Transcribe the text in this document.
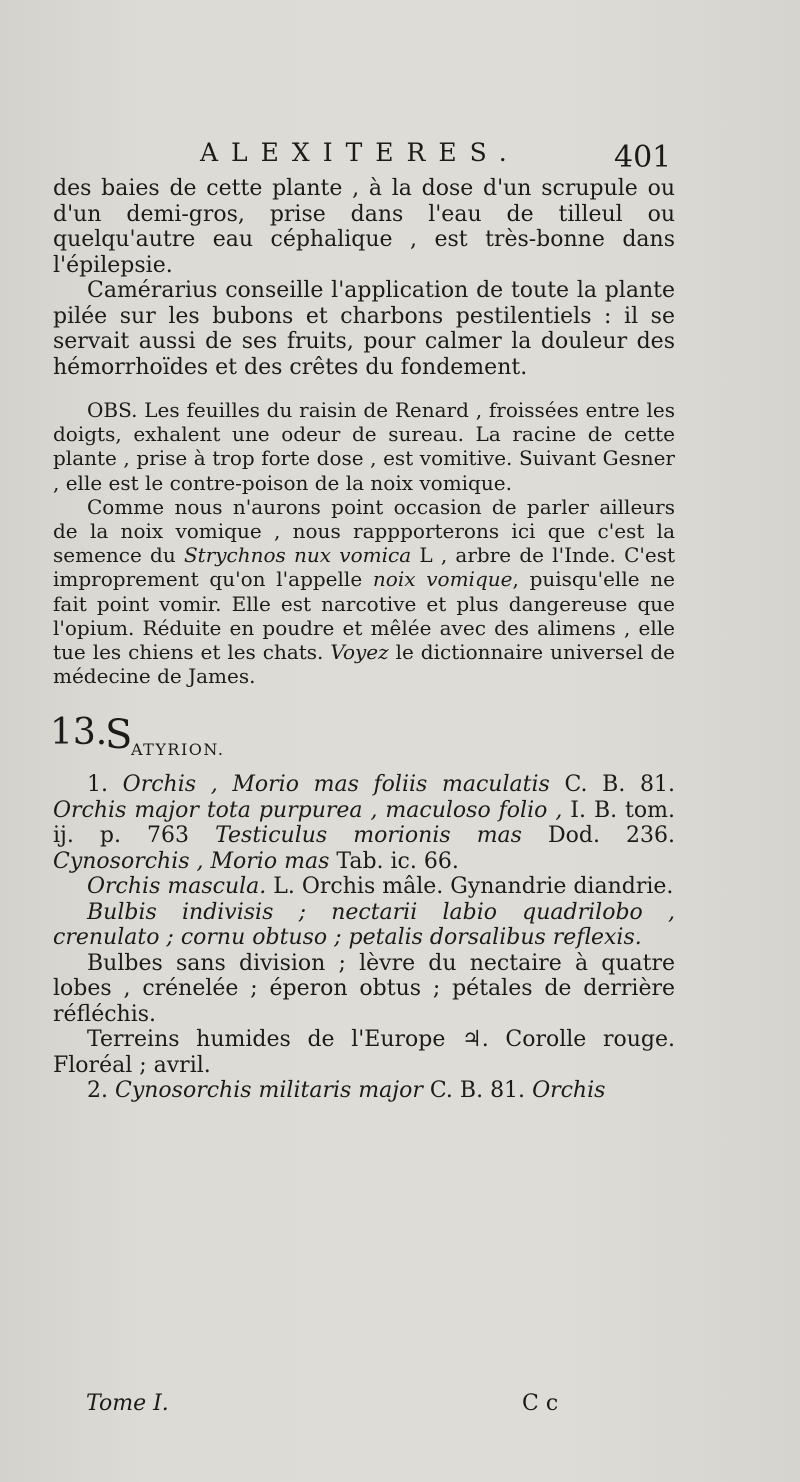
ALEXITERES.	401

des baies de cette plante , à la dose d'un scrupule ou d'un demi-gros, prise dans l'eau de tilleul ou quelqu'autre eau céphalique , est très-bonne dans l'épilepsie.

Camérarius conseille l'application de toute la plante pilée sur les bubons et charbons pestilentiels : il se servait aussi de ses fruits, pour calmer la douleur des hémorrhoïdes et des crêtes du fondement.

OBS. Les feuilles du raisin de Renard , froissées entre les doigts, exhalent une odeur de sureau. La racine de cette plante , prise à trop forte dose , est vomitive. Suivant Gesner , elle est le contre-poison de la noix vomique.

Comme nous n'aurons point occasion de parler ailleurs de la noix vomique , nous rappporterons ici que c'est la semence du Strychnos nux vomica L , arbre de l'Inde. C'est improprement qu'on l'appelle noix vomique, puisqu'elle ne fait point vomir. Elle est narcotive et plus dangereuse que l'opium. Réduite en poudre et mêlée avec des alimens , elle tue les chiens et les chats. Voyez le dictionnaire universel de médecine de James.

13.
S
ATYRION.

1. Orchis , Morio mas foliis maculatis C. B. 81. Orchis major tota purpurea , maculoso folio , I. B. tom. ij. p. 763 Testiculus morionis mas Dod. 236. Cynosorchis , Morio mas Tab. ic. 66.

Orchis mascula. L. Orchis mâle. Gynandrie diandrie.

Bulbis indivisis ; nectarii labio quadrilobo , crenulato ; cornu obtuso ; petalis dorsalibus reflexis.

Bulbes sans division ; lèvre du nectaire à quatre lobes , crénelée ; éperon obtus ; pétales de derrière réfléchis.

Terreins humides de l'Europe ♃. Corolle rouge. Floréal ; avril.

2. Cynosorchis militaris major C. B. 81. Orchis

Tome I.	C c
